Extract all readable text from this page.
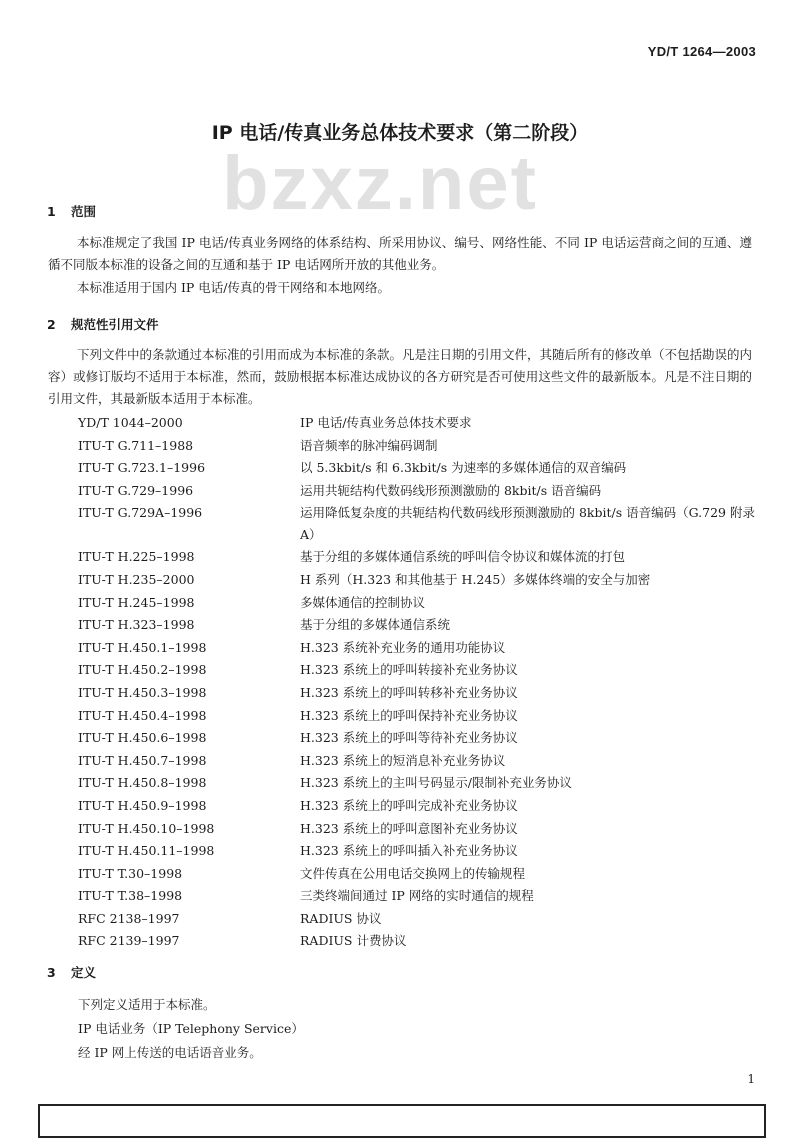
YD/T 1264—2003
IP 电话/传真业务总体技术要求（第二阶段）
bzxz.net
1 范围

本标准规定了我国 IP 电话/传真业务网络的体系结构、所采用协议、编号、网络性能、不同 IP 电话运营商之间的互通、遵循不同版本标准的设备之间的互通和基于 IP 电话网所开放的其他业务。

本标准适用于国内 IP 电话/传真的骨干网络和本地网络。

2 规范性引用文件

下列文件中的条款通过本标准的引用而成为本标准的条款。凡是注日期的引用文件，其随后所有的修改单（不包括勘误的内容）或修订版均不适用于本标准，然而，鼓励根据本标准达成协议的各方研究是否可使用这些文件的最新版本。凡是不注日期的引用文件，其最新版本适用于本标准。

YD/T 1044–2000	IP 电话/传真业务总体技术要求
ITU-T G.711–1988	语音频率的脉冲编码调制
ITU-T G.723.1–1996	以 5.3kbit/s 和 6.3kbit/s 为速率的多媒体通信的双音编码
ITU-T G.729–1996	运用共轭结构代数码线形预测激励的 8kbit/s 语音编码
ITU-T G.729A–1996	运用降低复杂度的共轭结构代数码线形预测激励的 8kbit/s 语音编码（G.729 附录 A）
ITU-T H.225–1998	基于分组的多媒体通信系统的呼叫信令协议和媒体流的打包
ITU-T H.235–2000	H 系列（H.323 和其他基于 H.245）多媒体终端的安全与加密
ITU-T H.245–1998	多媒体通信的控制协议
ITU-T H.323–1998	基于分组的多媒体通信系统
ITU-T H.450.1–1998	H.323 系统补充业务的通用功能协议
ITU-T H.450.2–1998	H.323 系统上的呼叫转接补充业务协议
ITU-T H.450.3–1998	H.323 系统上的呼叫转移补充业务协议
ITU-T H.450.4–1998	H.323 系统上的呼叫保持补充业务协议
ITU-T H.450.6–1998	H.323 系统上的呼叫等待补充业务协议
ITU-T H.450.7–1998	H.323 系统上的短消息补充业务协议
ITU-T H.450.8–1998	H.323 系统上的主叫号码显示/限制补充业务协议
ITU-T H.450.9–1998	H.323 系统上的呼叫完成补充业务协议
ITU-T H.450.10–1998	H.323 系统上的呼叫意图补充业务协议
ITU-T H.450.11–1998	H.323 系统上的呼叫插入补充业务协议
ITU-T T.30–1998	文件传真在公用电话交换网上的传输规程
ITU-T T.38–1998	三类终端间通过 IP 网络的实时通信的规程
RFC 2138–1997	RADIUS 协议
RFC 2139–1997	RADIUS 计费协议
3 定义
下列定义适用于本标准。
IP 电话业务（IP Telephony Service）
经 IP 网上传送的电话语音业务。
1
